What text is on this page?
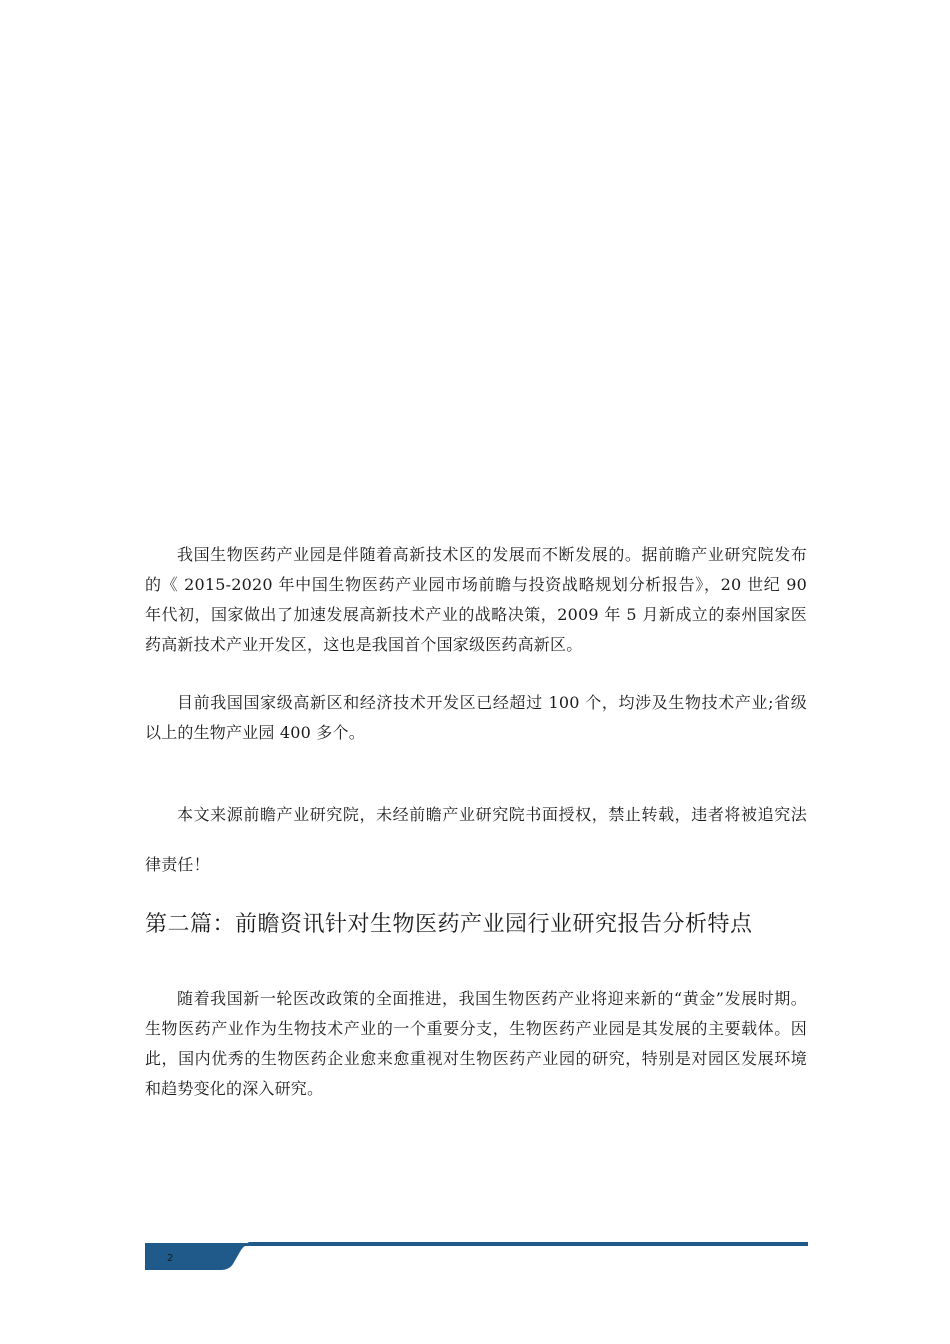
我国生物医药产业园是伴随着高新技术区的发展而不断发展的。据前瞻产业研究院发布的《 2015-2020 年中国生物医药产业园市场前瞻与投资战略规划分析报告》，20 世纪 90 年代初，国家做出了加速发展高新技术产业的战略决策，2009 年 5 月新成立的泰州国家医药高新技术产业开发区，这也是我国首个国家级医药高新区。

目前我国国家级高新区和经济技术开发区已经超过 100 个，均涉及生物技术产业;省级以上的生物产业园 400 多个。

本文来源前瞻产业研究院，未经前瞻产业研究院书面授权，禁止转载，违者将被追究法律责任！

第二篇：前瞻资讯针对生物医药产业园行业研究报告分析特点

随着我国新一轮医改政策的全面推进，我国生物医药产业将迎来新的“黄金”发展时期。生物医药产业作为生物技术产业的一个重要分支，生物医药产业园是其发展的主要载体。因此，国内优秀的生物医药企业愈来愈重视对生物医药产业园的研究，特别是对园区发展环境和趋势变化的深入研究。

2
